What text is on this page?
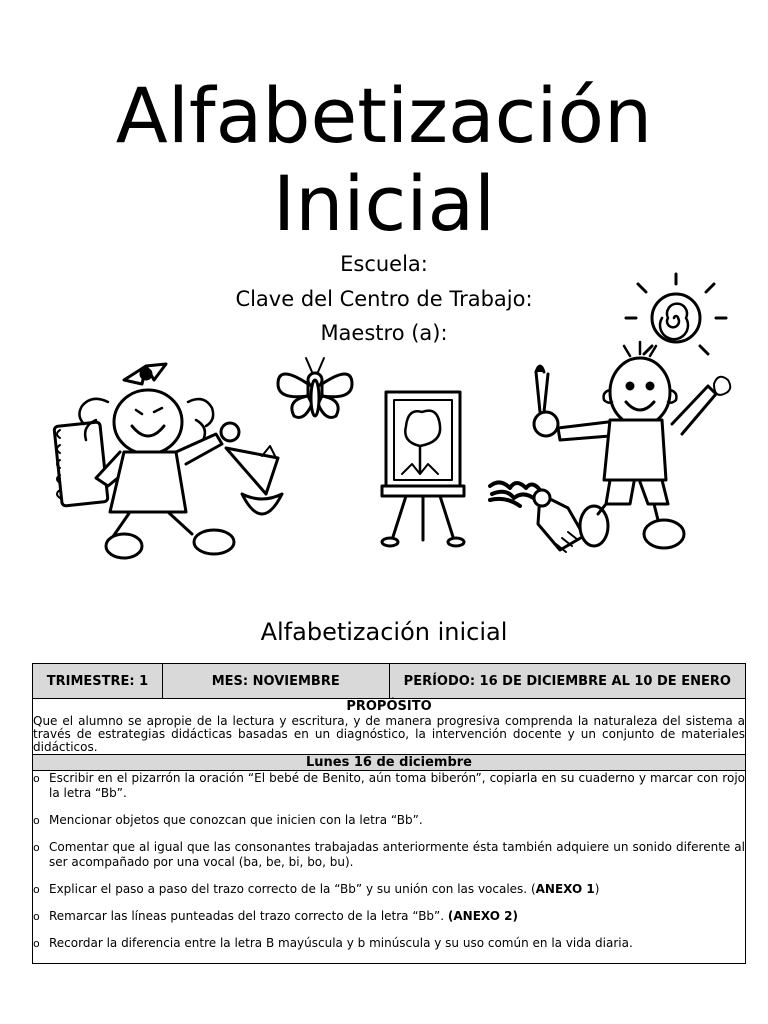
Alfabetización
Inicial
Escuela:
Clave del Centro de Trabajo:
Maestro (a):
Alfabetización inicial
TRIMESTRE: 1	MES: NOVIEMBRE	PERÍODO: 16 DE DICIEMBRE AL 10 DE ENERO

PROPÓSITO
Que el alumno se apropie de la lectura y escritura, y de manera progresiva comprenda la naturaleza del sistema a través de estrategias didácticas basadas en un diagnóstico, la intervención docente y un conjunto de materiales didácticos.

Lunes 16 de diciembre

o Escribir en el pizarrón la oración “El bebé de Benito, aún toma biberón”, copiarla en su cuaderno y marcar con rojo la letra “Bb”.
o Mencionar objetos que conozcan que inicien con la letra “Bb”.
o Comentar que al igual que las consonantes trabajadas anteriormente ésta también adquiere un sonido diferente al ser acompañado por una vocal (ba, be, bi, bo, bu).
o Explicar el paso a paso del trazo correcto de la “Bb” y su unión con las vocales. (ANEXO 1)
o Remarcar las líneas punteadas del trazo correcto de la letra “Bb”. (ANEXO 2)
o Recordar la diferencia entre la letra B mayúscula y b minúscula y su uso común en la vida diaria.
